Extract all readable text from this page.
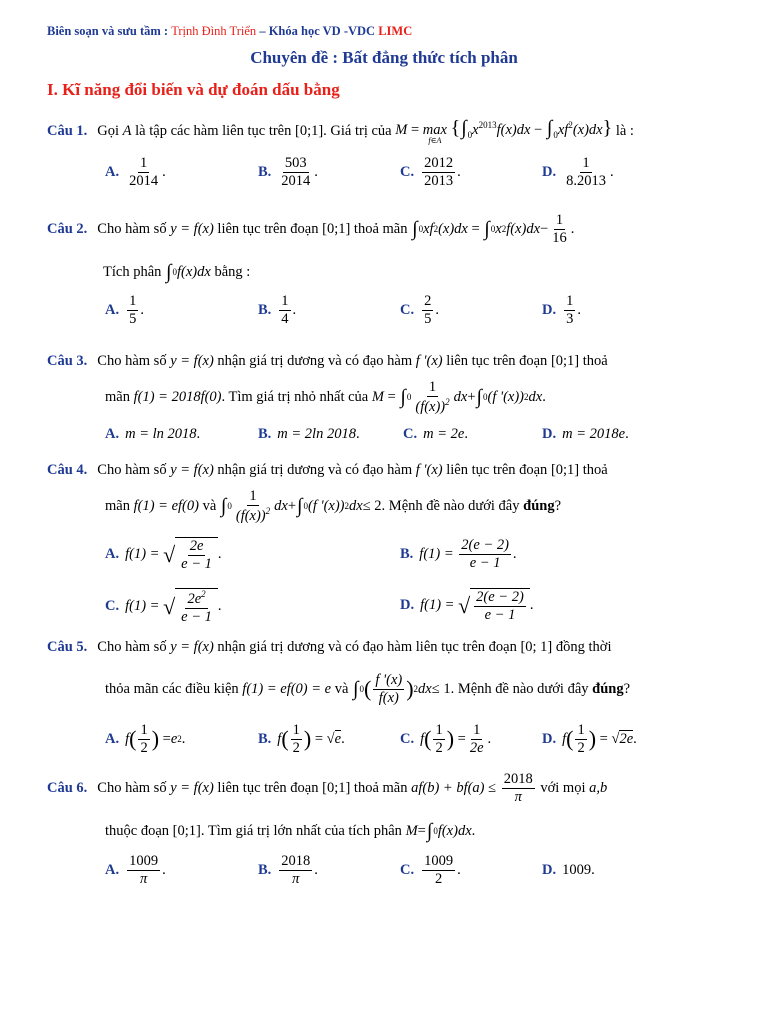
Biên soạn và sưu tầm : Trịnh Đình Triển – Khóa học VD -VDC LIMC
Chuyên đề : Bất đẳng thức tích phân
I. Kĩ năng đổi biến và dự đoán dấu bằng
Câu 1. Gọi
A
là tập các hàm liên tục trên [0;1] . Giá trị của
M = max
f∈A
$\{\int_0x^{2013}f(x)dx - \int_0xf^2(x)dx\}$
là :
A. $\frac{1}{2014}$ .	B. $\frac{503}{2014}$ .	C. $\frac{2012}{2013}$ .	D. $\frac{1}{8.2013}$ .
Câu 2. Cho hàm số
y = f(x)
liên tục trên đoạn [0;1] thoả mãn
∫ 0 xf 2 (x)dx = ∫ 0 x 2 $f(x)dx - \frac{1}{16}$ .
Tích phân
∫ 0 f(x)dx
bằng :
A. $\frac{1}{5}$ .	B. $\frac{1}{4}$ .	C. $\frac{2}{5}$ .	D. $\frac{1}{3}$ .
Câu 3. Cho hàm số
y = f(x)
nhận giá trị dương và có đạo hàm
f '(x)
liên tục trên đoạn [0;1] thoả
mãn
f(1) = 2018f(0) . Tìm giá trị nhỏ nhất của
M = ∫ $0 \frac{1}{(f(x))^2}$ dx + ∫ 0 (f '(x)) 2 dx .
A. m = ln 2018 .	B. m = 2ln 2018 .	C. m = 2e .	D. m = 2018e .
Câu 4. Cho hàm số
y = f(x)
nhận giá trị dương và có đạo hàm
f '(x)
liên tục trên đoạn [0;1] thoả
mãn
f(1) = ef(0)
và
∫ $0 \frac{1}{(f(x))^2}$ dx + ∫ 0 (f '(x)) 2 dx ≤ 2 . Mệnh đề nào dưới đây
đúng ?
A. f(1) =
√ $\frac{2e}{e - 1}$ .	B. f(1) =
$\frac{2(e - 2)}{e - 1}$ .
C. f(1) =
√ $\frac{2e^2}{e - 1}$ .	D. f(1) =
√ $\frac{2(e - 2)}{e - 1}$ .
Câu 5. Cho hàm số
y = f(x)
nhận giá trị dương và có đạo hàm liên tục trên đoạn [0; 1] đồng thời
thỏa mãn các điều kiện
f(1) = ef(0) = e
và
∫ 0 ( $\frac{f '(x)}{f(x)}$ ) 2 dx ≤ 1 . Mệnh đề nào dưới đây
đúng ?
A. f ( $\frac{1}{2}$ ) = e 2 .	B. f ( $\frac{1}{2}$ ) = √ e .	C. f ( $\frac{1}{2}$ ) = $\frac{1}{2e}$ .	D. f ( $\frac{1}{2}$ ) = √ 2e .
Câu 6. Cho hàm số
y = f(x)
liên tục trên đoạn [0;1] thoả mãn
$af(b) + bf(a) \le \frac{2018}{\pi}$
với mọi
a,b
thuộc đoạn [0;1] . Tìm giá trị lớn nhất của tích phân
M = ∫ 0 f(x)dx .
A. $\frac{1009}{\pi}$ .	B. $\frac{2018}{\pi}$ .	C. $\frac{1009}{2}$ .	D. 1009 .
